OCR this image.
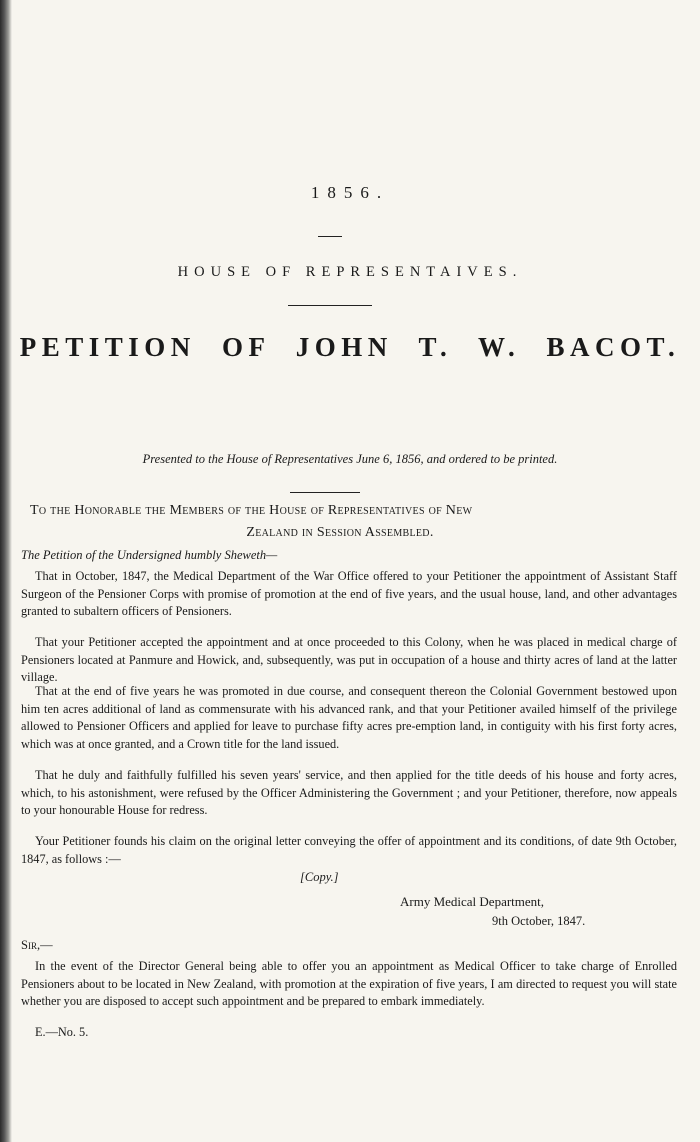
1856.
HOUSE OF REPRESENTAIVES.
PETITION OF JOHN T. W. BACOT.
Presented to the House of Representatives June 6, 1856, and ordered to be printed.
To the Honorable the Members of the House of Representatives of New
Zealand in Session Assembled.
The Petition of the Undersigned humbly Sheweth—

That in October, 1847, the Medical Department of the War Office offered to your Petitioner the appointment of Assistant Staff Surgeon of the Pensioner Corps with promise of promotion at the end of five years, and the usual house, land, and other advantages granted to subaltern officers of Pensioners.

That your Petitioner accepted the appointment and at once proceeded to this Colony, when he was placed in medical charge of Pensioners located at Panmure and Howick, and, subsequently, was put in occupation of a house and thirty acres of land at the latter village.

That at the end of five years he was promoted in due course, and consequent thereon the Colonial Government bestowed upon him ten acres additional of land as commensurate with his advanced rank, and that your Petitioner availed himself of the privilege allowed to Pensioner Officers and applied for leave to purchase fifty acres pre-emption land, in contiguity with his first forty acres, which was at once granted, and a Crown title for the land issued.

That he duly and faithfully fulfilled his seven years' service, and then applied for the title deeds of his house and forty acres, which, to his astonishment, were refused by the Officer Administering the Government ; and your Petitioner, therefore, now appeals to your honourable House for redress.

Your Petitioner founds his claim on the original letter conveying the offer of appointment and its conditions, of date 9th October, 1847, as follows :—

[Copy.]
Army Medical Department,
9th October, 1847.
Sir,—

In the event of the Director General being able to offer you an appointment as Medical Officer to take charge of Enrolled Pensioners about to be located in New Zealand, with promotion at the expiration of five years, I am directed to request you will state whether you are disposed to accept such appointment and be prepared to embark immediately.

E.—No. 5.
